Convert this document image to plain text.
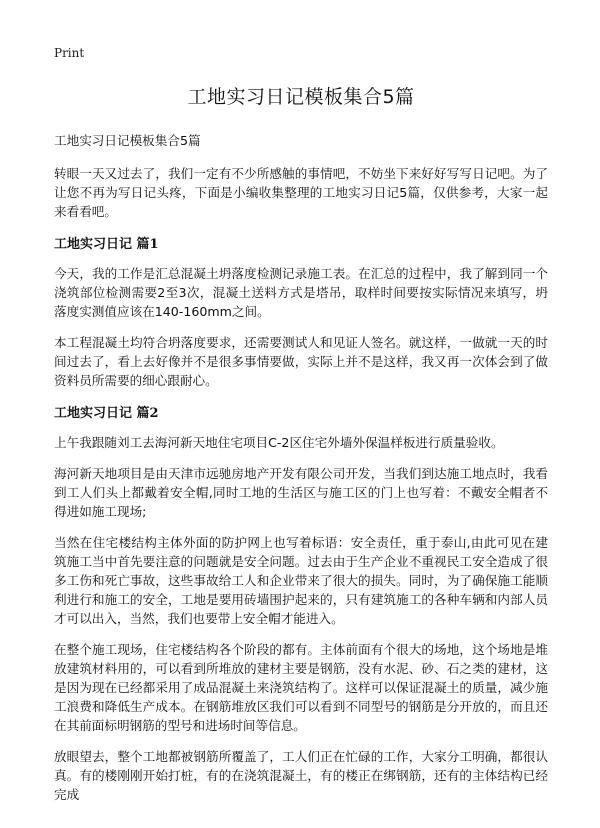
Print
工地实习日记模板集合5篇

工地实习日记模板集合5篇

转眼一天又过去了，我们一定有不少所感触的事情吧，不妨坐下来好好写写日记吧。为了让您不再为写日记头疼，下面是小编收集整理的工地实习日记5篇，仅供参考，大家一起来看看吧。

工地实习日记 篇1

今天，我的工作是汇总混凝土坍落度检测记录施工表。在汇总的过程中，我了解到同一个浇筑部位检测需要2至3次，混凝土送料方式是塔吊，取样时间要按实际情况来填写，坍落度实测值应该在140-160mm之间。

本工程混凝土均符合坍落度要求，还需要测试人和见证人签名。就这样，一做就一天的时间过去了，看上去好像并不是很多事情要做，实际上并不是这样，我又再一次体会到了做资料员所需要的细心跟耐心。

工地实习日记 篇2

上午我跟随刘工去海河新天地住宅项目C-2区住宅外墙外保温样板进行质量验收。

海河新天地项目是由天津市远驰房地产开发有限公司开发，当我们到达施工地点时，我看到工人们头上都戴着安全帽,同时工地的生活区与施工区的门上也写着：不戴安全帽者不得进如施工现场;

当然在住宅楼结构主体外面的防护网上也写着标语：安全责任，重于泰山,由此可见在建筑施工当中首先要注意的问题就是安全问题。过去由于生产企业不重视民工安全造成了很多工伤和死亡事故，这些事故给工人和企业带来了很大的损失。同时，为了确保施工能顺利进行和施工的安全，工地是要用砖墙围护起来的，只有建筑施工的各种车辆和内部人员才可以出入，当然，我们也要带上安全帽才能进入。

在整个施工现场，住宅楼结构各个阶段的都有。主体前面有个很大的场地，这个场地是堆放建筑材料用的，可以看到所堆放的建材主要是钢筋，没有水泥、砂、石之类的建材，这是因为现在已经都采用了成品混凝土来浇筑结构了。这样可以保证混凝土的质量，减少施工浪费和降低生产成本。在钢筋堆放区我们可以看到不同型号的钢筋是分开放的，而且还在其前面标明钢筋的型号和进场时间等信息。

放眼望去，整个工地都被钢筋所覆盖了，工人们正在忙碌的工作，大家分工明确，都很认真。有的楼刚刚开始打桩，有的在浇筑混凝土，有的楼正在绑钢筋，还有的主体结构已经完成
